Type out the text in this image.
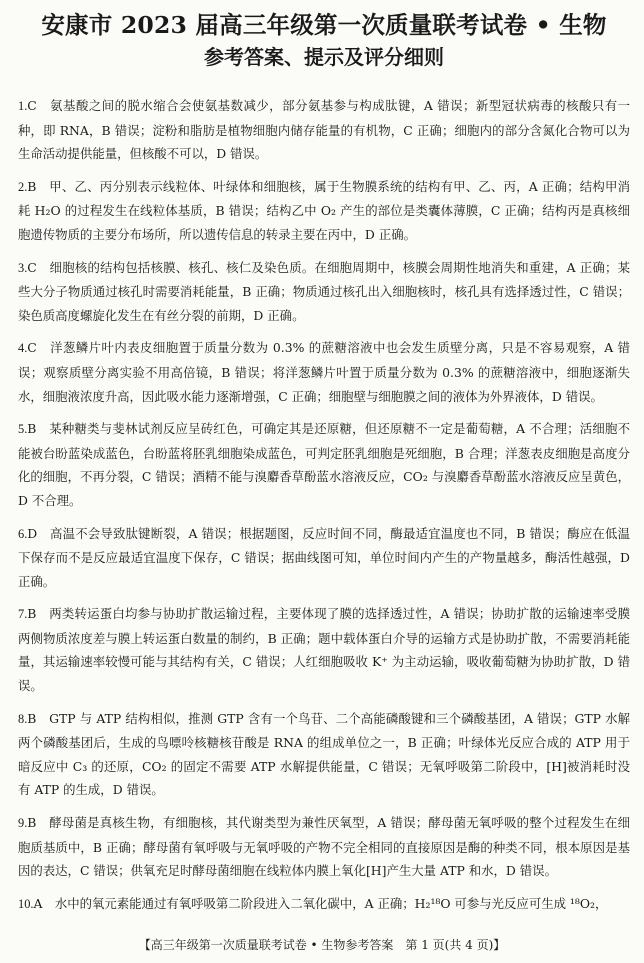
安康市 2023 届高三年级第一次质量联考试卷 • 生物
参考答案、提示及评分细则
1.C　 氨基酸之间的脱水缩合会使氨基数减少，部分氨基参与构成肽键，A 错误；新型冠状病毒的核酸只有一种，即 RNA，B 错误；淀粉和脂肪是植物细胞内储存能量的有机物，C 正确；细胞内的部分含氮化合物可以为生命活动提供能量，但核酸不可以，D 错误。
2.B　 甲、乙、丙分别表示线粒体、叶绿体和细胞核，属于生物膜系统的结构有甲、乙、丙，A 正确；结构甲消耗 H₂O 的过程发生在线粒体基质，B 错误；结构乙中 O₂ 产生的部位是类囊体薄膜，C 正确；结构丙是真核细胞遗传物质的主要分布场所，所以遗传信息的转录主要在丙中，D 正确。
3.C　 细胞核的结构包括核膜、核孔、核仁及染色质。在细胞周期中，核膜会周期性地消失和重建，A 正确；某些大分子物质通过核孔时需要消耗能量，B 正确；物质通过核孔出入细胞核时，核孔具有选择透过性，C 错误；染色质高度螺旋化发生在有丝分裂的前期，D 正确。
4.C　 洋葱鳞片叶内表皮细胞置于质量分数为 0.3% 的蔗糖溶液中也会发生质壁分离，只是不容易观察，A 错误；观察质壁分离实验不用高倍镜，B 错误；将洋葱鳞片叶置于质量分数为 0.3% 的蔗糖溶液中，细胞逐渐失水，细胞液浓度升高，因此吸水能力逐渐增强，C 正确；细胞壁与细胞膜之间的液体为外界液体，D 错误。
5.B　 某种糖类与斐林试剂反应呈砖红色，可确定其是还原糖，但还原糖不一定是葡萄糖，A 不合理；活细胞不能被台盼蓝染成蓝色，台盼蓝将胚乳细胞染成蓝色，可判定胚乳细胞是死细胞，B 合理；洋葱表皮细胞是高度分化的细胞，不再分裂，C 错误；酒精不能与溴麝香草酚蓝水溶液反应，CO₂ 与溴麝香草酚蓝水溶液反应呈黄色，D 不合理。
6.D　 高温不会导致肽键断裂，A 错误；根据题图，反应时间不同，酶最适宜温度也不同，B 错误；酶应在低温下保存而不是反应最适宜温度下保存，C 错误；据曲线图可知，单位时间内产生的产物量越多，酶活性越强，D 正确。
7.B　 两类转运蛋白均参与协助扩散运输过程，主要体现了膜的选择透过性，A 错误；协助扩散的运输速率受膜两侧物质浓度差与膜上转运蛋白数量的制约，B 正确；题中载体蛋白介导的运输方式是协助扩散，不需要消耗能量，其运输速率较慢可能与其结构有关，C 错误；人红细胞吸收 K⁺ 为主动运输，吸收葡萄糖为协助扩散，D 错误。
8.B　 GTP 与 ATP 结构相似，推测 GTP 含有一个鸟苷、二个高能磷酸键和三个磷酸基团，A 错误；GTP 水解两个磷酸基团后，生成的鸟嘌呤核糖核苷酸是 RNA 的组成单位之一，B 正确；叶绿体光反应合成的 ATP 用于暗反应中 C₃ 的还原，CO₂ 的固定不需要 ATP 水解提供能量，C 错误；无氧呼吸第二阶段中，[H]被消耗时没有 ATP 的生成，D 错误。
9.B　 酵母菌是真核生物，有细胞核，其代谢类型为兼性厌氧型，A 错误；酵母菌无氧呼吸的整个过程发生在细胞质基质中，B 正确；酵母菌有氧呼吸与无氧呼吸的产物不完全相同的直接原因是酶的种类不同，根本原因是基因的表达，C 错误；供氧充足时酵母菌细胞在线粒体内膜上氧化[H]产生大量 ATP 和水，D 错误。
10.A　 水中的氧元素能通过有氧呼吸第二阶段进入二氧化碳中，A 正确；H₂¹⁸O 可参与光反应可生成 ¹⁸O₂，
【高三年级第一次质量联考试卷 • 生物参考答案　第 1 页(共 4 页)】
